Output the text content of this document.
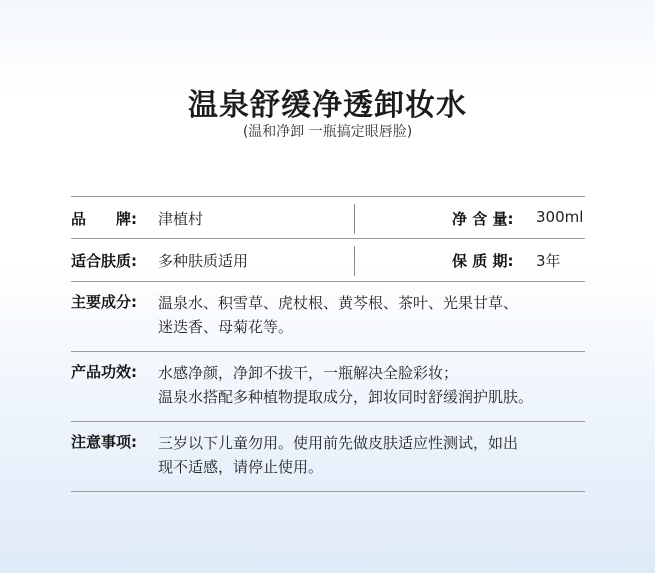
温泉舒缓净透卸妆水
(温和净卸 一瓶搞定眼唇脸)
品　　牌: 津植村	净 含 量: 300ml
适合肤质: 多种肤质适用	保 质 期: 3年
主要成分: 温泉水、积雪草、虎杖根、黄芩根、茶叶、光果甘草、
迷迭香、母菊花等。
产品功效: 水感净颜，净卸不拔干，一瓶解决全脸彩妆；
温泉水搭配多种植物提取成分，卸妆同时舒缓润护肌肤。
注意事项: 三岁以下儿童勿用。使用前先做皮肤适应性测试，如出
现不适感，请停止使用。
